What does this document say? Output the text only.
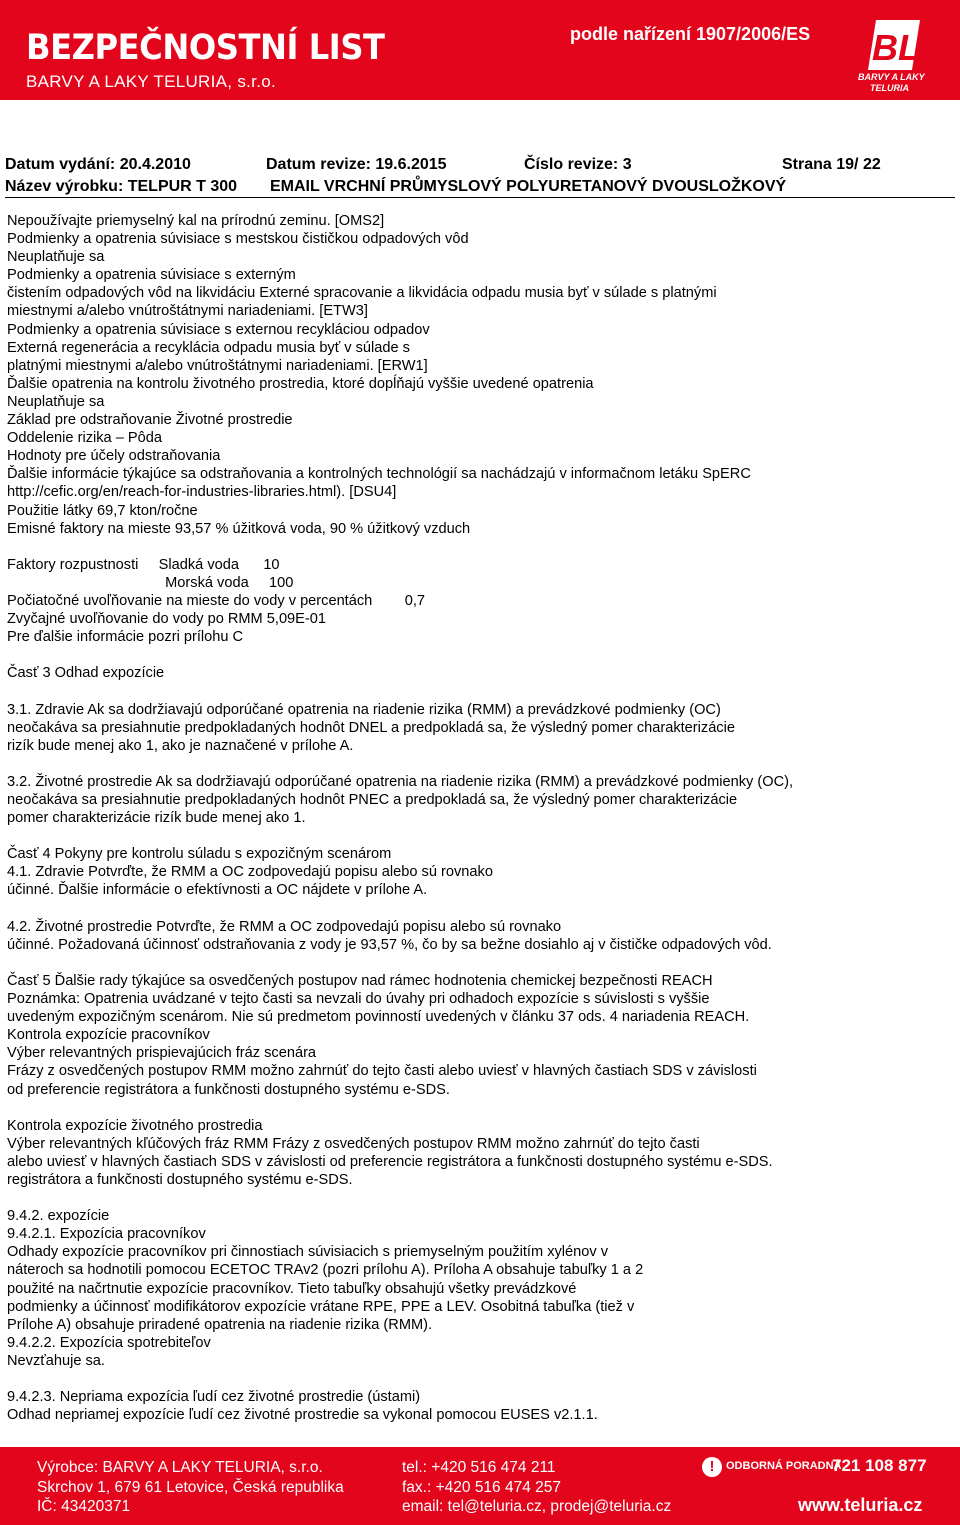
BEZPEČNOSTNÍ LIST
BARVY A LAKY TELURIA, s.r.o.
podle nařízení 1907/2006/ES BL
BARVY A LAKY
TELURIA
Datum vydání: 20.4.2010	Datum revize: 19.6.2015	Číslo revize: 3	Strana 19/ 22
Název výrobku: TELPUR T 300 EMAIL VRCHNÍ PRŮMYSLOVÝ POLYURETANOVÝ DVOUSLOŽKOVÝ

Nepoužívajte priemyselný kal na prírodnú zeminu. [OMS2]

Podmienky a opatrenia súvisiace s mestskou čističkou odpadových vôd

Neuplatňuje sa

Podmienky a opatrenia súvisiace s externým

čistením odpadových vôd na likvidáciu Externé spracovanie a likvidácia odpadu musia byť v súlade s platnými

miestnymi a/alebo vnútroštátnymi nariadeniami. [ETW3]

Podmienky a opatrenia súvisiace s externou recykláciou odpadov

Externá regenerácia a recyklácia odpadu musia byť v súlade s

platnými miestnymi a/alebo vnútroštátnymi nariadeniami. [ERW1]

Ďalšie opatrenia na kontrolu životného prostredia, ktoré dopĺňajú vyššie uvedené opatrenia

Neuplatňuje sa

Základ pre odstraňovanie Životné prostredie

Oddelenie rizika – Pôda

Hodnoty pre účely odstraňovania

Ďalšie informácie týkajúce sa odstraňovania a kontrolných technológií sa nachádzajú v informačnom letáku SpERC

http://cefic.org/en/reach-for-industries-libraries.html). [DSU4]

Použitie látky 69,7 kton/ročne

Emisné faktory na mieste 93,57 % úžitková voda, 90 % úžitkový vzduch

Faktory rozpustnosti     Sladká voda      10

Morská voda     100

Počiatočné uvoľňovanie na mieste do vody v percentách        0,7

Zvyčajné uvoľňovanie do vody po RMM 5,09E-01

Pre ďalšie informácie pozri prílohu C

Časť 3 Odhad expozície

3.1. Zdravie Ak sa dodržiavajú odporúčané opatrenia na riadenie rizika (RMM) a prevádzkové podmienky (OC)

neočakáva sa presiahnutie predpokladaných hodnôt DNEL a predpokladá sa, že výsledný pomer charakterizácie

rizík bude menej ako 1, ako je naznačené v prílohe A.

3.2. Životné prostredie Ak sa dodržiavajú odporúčané opatrenia na riadenie rizika (RMM) a prevádzkové podmienky (OC),

neočakáva sa presiahnutie predpokladaných hodnôt PNEC a predpokladá sa, že výsledný pomer charakterizácie

pomer charakterizácie rizík bude menej ako 1.

Časť 4 Pokyny pre kontrolu súladu s expozičným scenárom

4.1. Zdravie Potvrďte, že RMM a OC zodpovedajú popisu alebo sú rovnako

účinné. Ďalšie informácie o efektívnosti a OC nájdete v prílohe A.

4.2. Životné prostredie Potvrďte, že RMM a OC zodpovedajú popisu alebo sú rovnako

účinné. Požadovaná účinnosť odstraňovania z vody je 93,57 %, čo by sa bežne dosiahlo aj v čističke odpadových vôd.

Časť 5 Ďalšie rady týkajúce sa osvedčených postupov nad rámec hodnotenia chemickej bezpečnosti REACH

Poznámka: Opatrenia uvádzané v tejto časti sa nevzali do úvahy pri odhadoch expozície s súvislosti s vyššie

uvedeným expozičným scenárom. Nie sú predmetom povinností uvedených v článku 37 ods. 4 nariadenia REACH.

Kontrola expozície pracovníkov

Výber relevantných prispievajúcich fráz scenára

Frázy z osvedčených postupov RMM možno zahrnúť do tejto časti alebo uviesť v hlavných častiach SDS v závislosti

od preferencie registrátora a funkčnosti dostupného systému e-SDS.

Kontrola expozície životného prostredia

Výber relevantných kľúčových fráz RMM Frázy z osvedčených postupov RMM možno zahrnúť do tejto časti

alebo uviesť v hlavných častiach SDS v závislosti od preferencie registrátora a funkčnosti dostupného systému e-SDS.

registrátora a funkčnosti dostupného systému e-SDS.

9.4.2. expozície

9.4.2.1. Expozícia pracovníkov

Odhady expozície pracovníkov pri činnostiach súvisiacich s priemyselným použitím xylénov v

náteroch sa hodnotili pomocou ECETOC TRAv2 (pozri prílohu A). Príloha A obsahuje tabuľky 1 a 2

použité na načrtnutie expozície pracovníkov. Tieto tabuľky obsahujú všetky prevádzkové

podmienky a účinnosť modifikátorov expozície vrátane RPE, PPE a LEV. Osobitná tabuľka (tiež v

Prílohe A) obsahuje priradené opatrenia na riadenie rizika (RMM).

9.4.2.2. Expozícia spotrebiteľov

Nevzťahuje sa.

9.4.2.3. Nepriama expozícia ľudí cez životné prostredie (ústami)

Odhad nepriamej expozície ľudí cez životné prostredie sa vykonal pomocou EUSES v2.1.1.

Výrobce: BARVY A LAKY TELURIA, s.r.o.
Skrchov 1, 679 61 Letovice, Česká republika
IČ: 43420371
tel.: +420 516 474 211
fax.: +420 516 474 257
email: tel@teluria.cz, prodej@teluria.cz
!	ODBORNÁ PORADNA
721 108 877
www.teluria.cz
